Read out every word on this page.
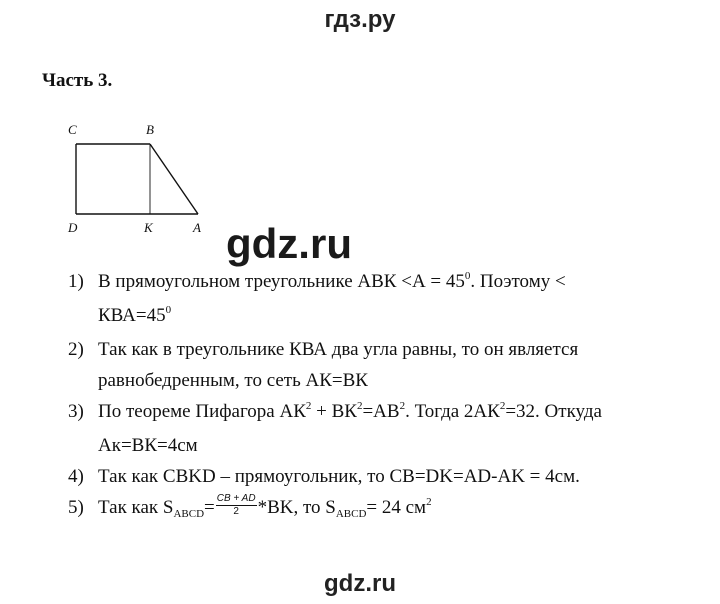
гдз.ру
Часть 3.
C	B
D	K	A gdz.ru
1) В прямоугольном треугольнике АВК $<А = 45^0$. Поэтому <
$КВА=45^0$
2) Так как в треугольнике КВА два угла равны, то он является
равнобедренным, то сеть АК=ВК
3) По теореме Пифагора $АК^2 + ВК^2=АВ^2$. Тогда $2АК^2=32$. Откуда
Ак=ВК=4см
4) Так как CBKD – прямоугольник, то CB=DK=AD-AK = 4см.
5) Так как $S_{ABCD}= \frac{CB + AD}{2} *BK$, то $S_{ABCD}= 24$ $см^2$
gdz.ru
